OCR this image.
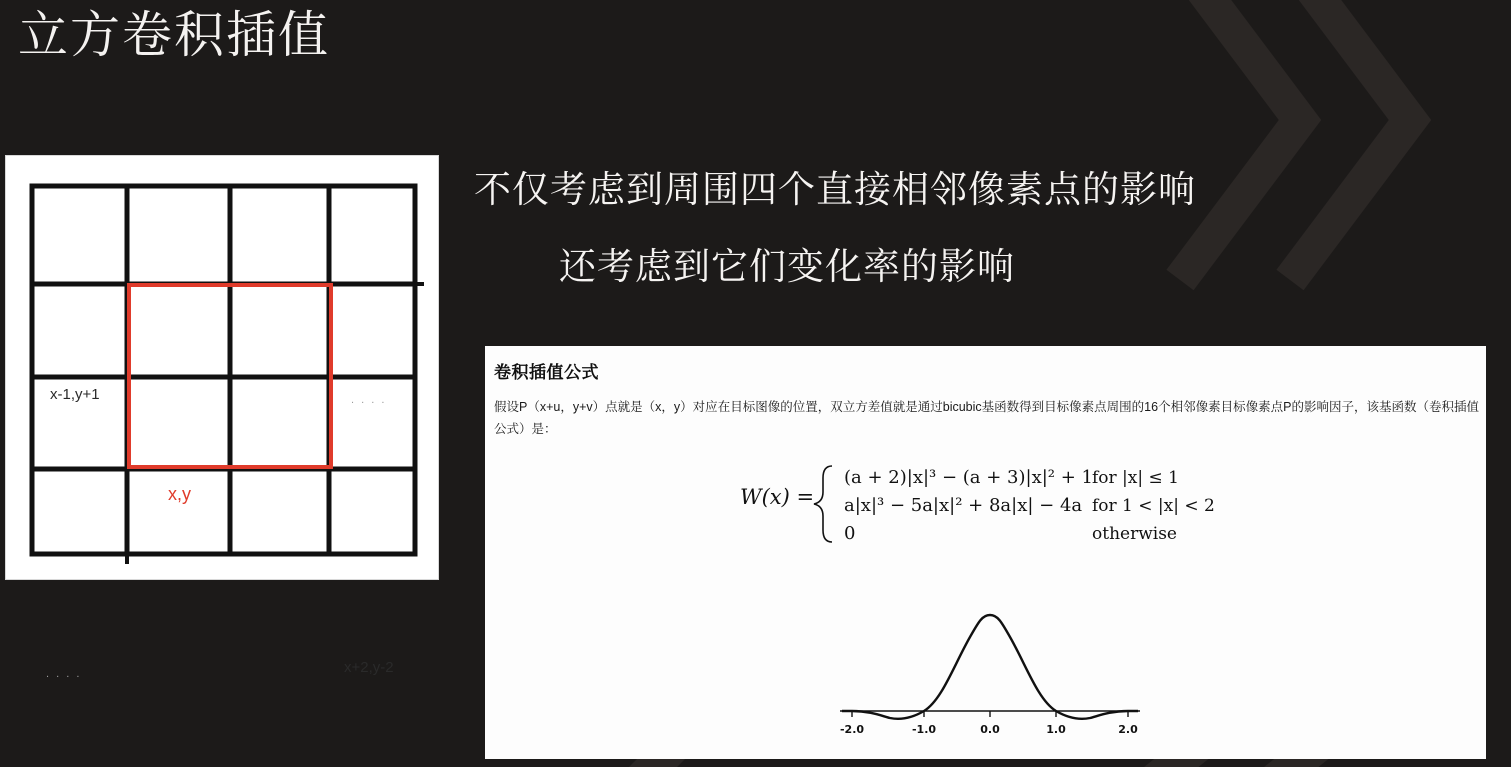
立方卷积插值
x-1,y+1
x+2,y-2
x,y
. . . .
. . . .
不仅考虑到周围四个直接相邻像素点的影响
还考虑到它们变化率的影响
卷积插值公式
假设P（x+u，y+v）点就是（x，y）对应在目标图像的位置，双立方差值就是通过bicubic基函数得到目标像素点周围的16个相邻像素目标像素点P的影响因子，该基函数（卷积插值公式）是：
W(x) =
(a + 2)|x|³ − (a + 3)|x|² + 1
a|x|³ − 5a|x|² + 8a|x| − 4a
0
for |x| ≤ 1
for 1 < |x| < 2
otherwise
-2.0	-1.0	0.0	1.0	2.0
